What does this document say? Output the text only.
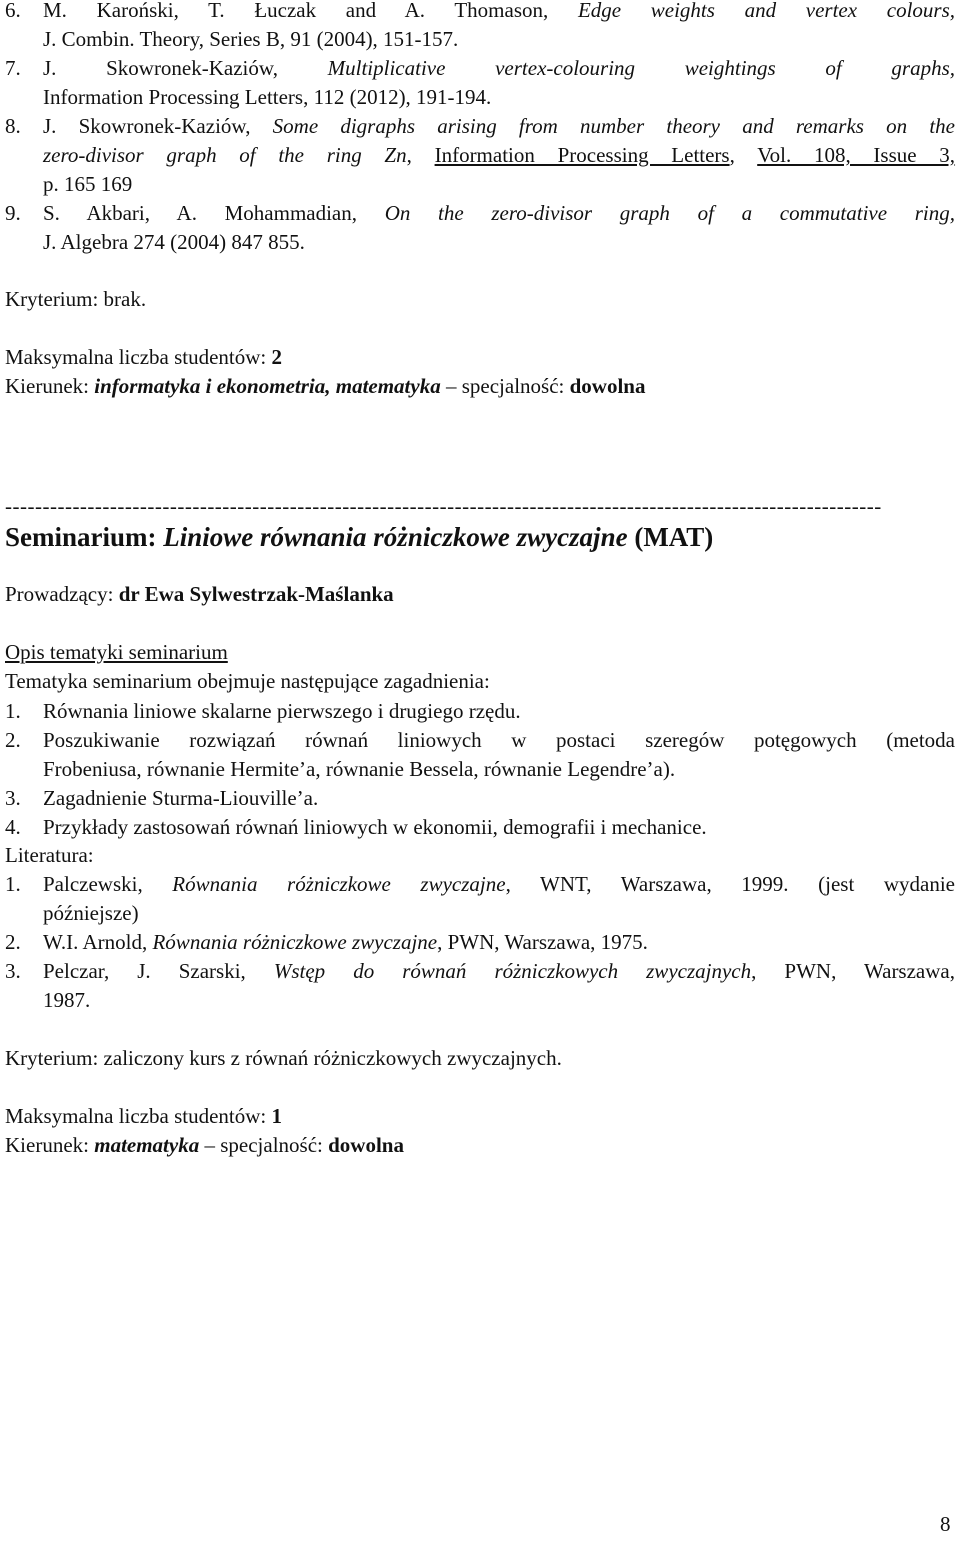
6.	M. Karoński, T. Łuczak and A. Thomason, Edge weights and vertex colours,
J. Combin. Theory, Series B, 91 (2004), 151-157.
7.	J. Skowronek-Kaziów, Multiplicative vertex-colouring weightings of graphs,
Information Processing Letters, 112 (2012), 191-194.
8.	J. Skowronek-Kaziów, Some digraphs arising from number theory and remarks on the
zero-divisor graph of the ring Zn, Information Processing Letters, Vol. 108, Issue 3,
p. 165 169
9.	S. Akbari, A. Mohammadian, On the zero-divisor graph of a commutative ring,
J. Algebra 274 (2004) 847 855.
Kryterium: brak.
Maksymalna liczba studentów: 2
Kierunek: informatyka i ekonometria, matematyka – specjalność: dowolna
---------------------------------------------------------------------------------------------------------------------
Seminarium: Liniowe równania różniczkowe zwyczajne (MAT)
Prowadzący: dr Ewa Sylwestrzak-Maślanka
Opis tematyki seminarium
Tematyka seminarium obejmuje następujące zagadnienia:
1.	Równania liniowe skalarne pierwszego i drugiego rzędu.
2.	Poszukiwanie rozwiązań równań liniowych w postaci szeregów potęgowych (metoda
Frobeniusa, równanie Hermite’a, równanie Bessela, równanie Legendre’a).
3.	Zagadnienie Sturma-Liouville’a.
4.	Przykłady zastosowań równań liniowych w ekonomii, demografii i mechanice.
Literatura:
1.	Palczewski, Równania różniczkowe zwyczajne, WNT, Warszawa, 1999. (jest wydanie
późniejsze)
2.	W.I. Arnold, Równania różniczkowe zwyczajne, PWN, Warszawa, 1975.
3.	Pelczar, J. Szarski, Wstęp do równań różniczkowych zwyczajnych, PWN, Warszawa,
1987.
Kryterium: zaliczony kurs z równań różniczkowych zwyczajnych.
Maksymalna liczba studentów: 1
Kierunek: matematyka – specjalność: dowolna
8
